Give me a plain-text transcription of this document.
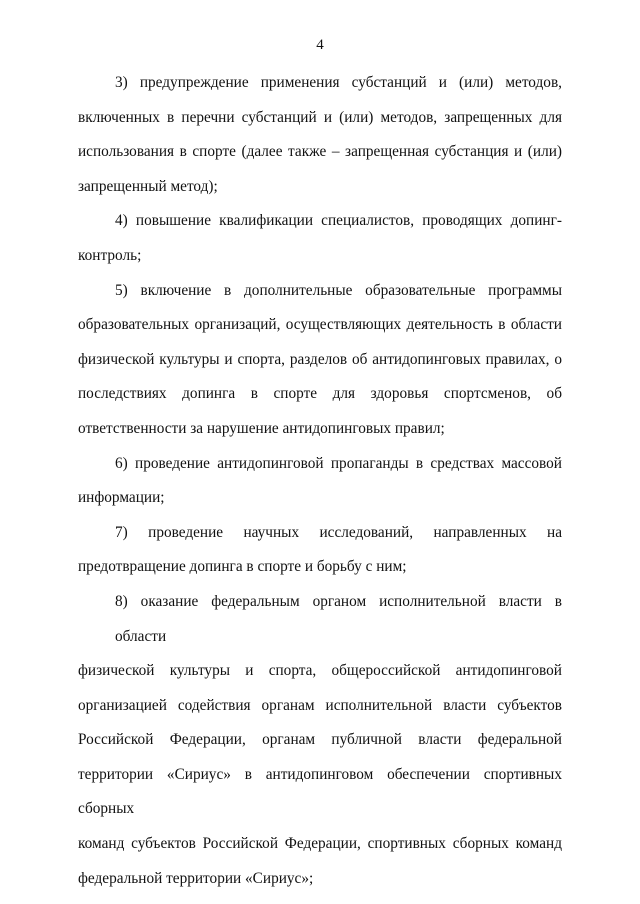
4

3) предупреждение применения субстанций и (или) методов, включенных в перечни субстанций и (или) методов, запрещенных для использования в спорте (далее также – запрещенная субстанция и (или) запрещенный метод);

4) повышение квалификации специалистов, проводящих допинг-контроль;

5) включение в дополнительные образовательные программы образовательных организаций, осуществляющих деятельность в области физической культуры и спорта, разделов об антидопинговых правилах, о последствиях допинга в спорте для здоровья спортсменов, об ответственности за нарушение антидопинговых правил;

6) проведение антидопинговой пропаганды в средствах массовой информации;

7) проведение научных исследований, направленных на

предотвращение допинга в спорте и борьбу с ним;

8) оказание федеральным органом исполнительной власти в области

физической культуры и спорта, общероссийской антидопинговой

организацией содействия органам исполнительной власти субъектов

Российской Федерации, органам публичной власти федеральной

территории «Сириус» в антидопинговом обеспечении спортивных сборных

команд субъектов Российской Федерации, спортивных сборных команд

федеральной территории «Сириус»;
